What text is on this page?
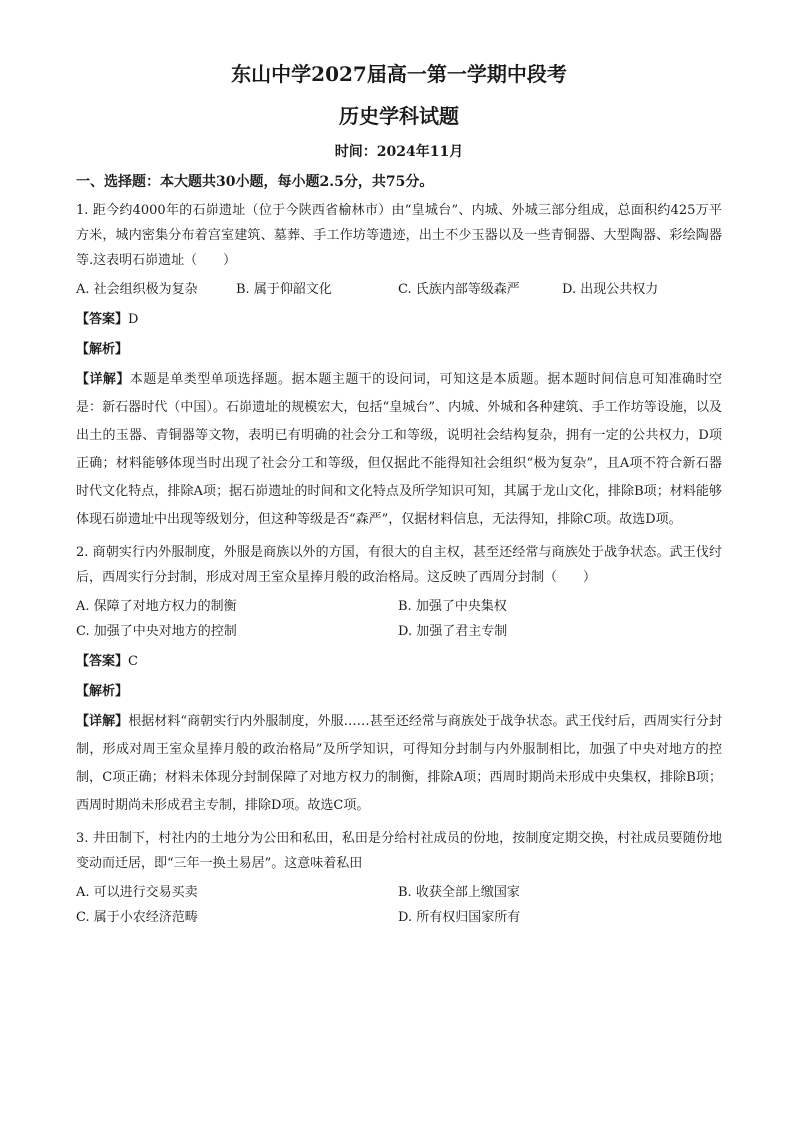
东山中学2027届高一第一学期中段考
历史学科试题
时间：2024年11月
一、选择题：本大题共30小题，每小题2.5分，共75分。
1. 距今约4000年的石峁遗址（位于今陕西省榆林市）由“皇城台”、内城、外城三部分组成，总面积约425万平方米，城内密集分布着宫室建筑、墓葬、手工作坊等遗迹，出土不少玉器以及一些青铜器、大型陶器、彩绘陶器等.这表明石峁遗址（　　）
A. 社会组织极为复杂	B. 属于仰韶文化	C. 氏族内部等级森严	D. 出现公共权力
【答案】D
【解析】
【详解】本题是单类型单项选择题。据本题主题干的设问词，可知这是本质题。据本题时间信息可知准确时空是：新石器时代（中国）。石峁遗址的规模宏大，包括“皇城台”、内城、外城和各种建筑、手工作坊等设施，以及出土的玉器、青铜器等文物，表明已有明确的社会分工和等级，说明社会结构复杂，拥有一定的公共权力，D项正确；材料能够体现当时出现了社会分工和等级，但仅据此不能得知社会组织“极为复杂”，且A项不符合新石器时代文化特点，排除A项；据石峁遗址的时间和文化特点及所学知识可知，其属于龙山文化，排除B项；材料能够体现石峁遗址中出现等级划分，但这种等级是否“森严”，仅据材料信息，无法得知，排除C项。故选D项。
2. 商朝实行内外服制度，外服是商族以外的方国，有很大的自主权，甚至还经常与商族处于战争状态。武王伐纣后，西周实行分封制，形成对周王室众星捧月般的政治格局。这反映了西周分封制（　　）
A. 保障了对地方权力的制衡	B. 加强了中央集权
C. 加强了中央对地方的控制	D. 加强了君主专制
【答案】C
【解析】
【详解】根据材料“商朝实行内外服制度，外服……甚至还经常与商族处于战争状态。武王伐纣后，西周实行分封制，形成对周王室众星捧月般的政治格局”及所学知识，可得知分封制与内外服制相比，加强了中央对地方的控制，C项正确；材料未体现分封制保障了对地方权力的制衡，排除A项；西周时期尚未形成中央集权，排除B项；西周时期尚未形成君主专制，排除D项。故选C项。
3. 井田制下，村社内的土地分为公田和私田，私田是分给村社成员的份地，按制度定期交换，村社成员要随份地变动而迁居，即“三年一换土易居”。这意味着私田
A. 可以进行交易买卖	B. 收获全部上缴国家
C. 属于小农经济范畴	D. 所有权归国家所有
